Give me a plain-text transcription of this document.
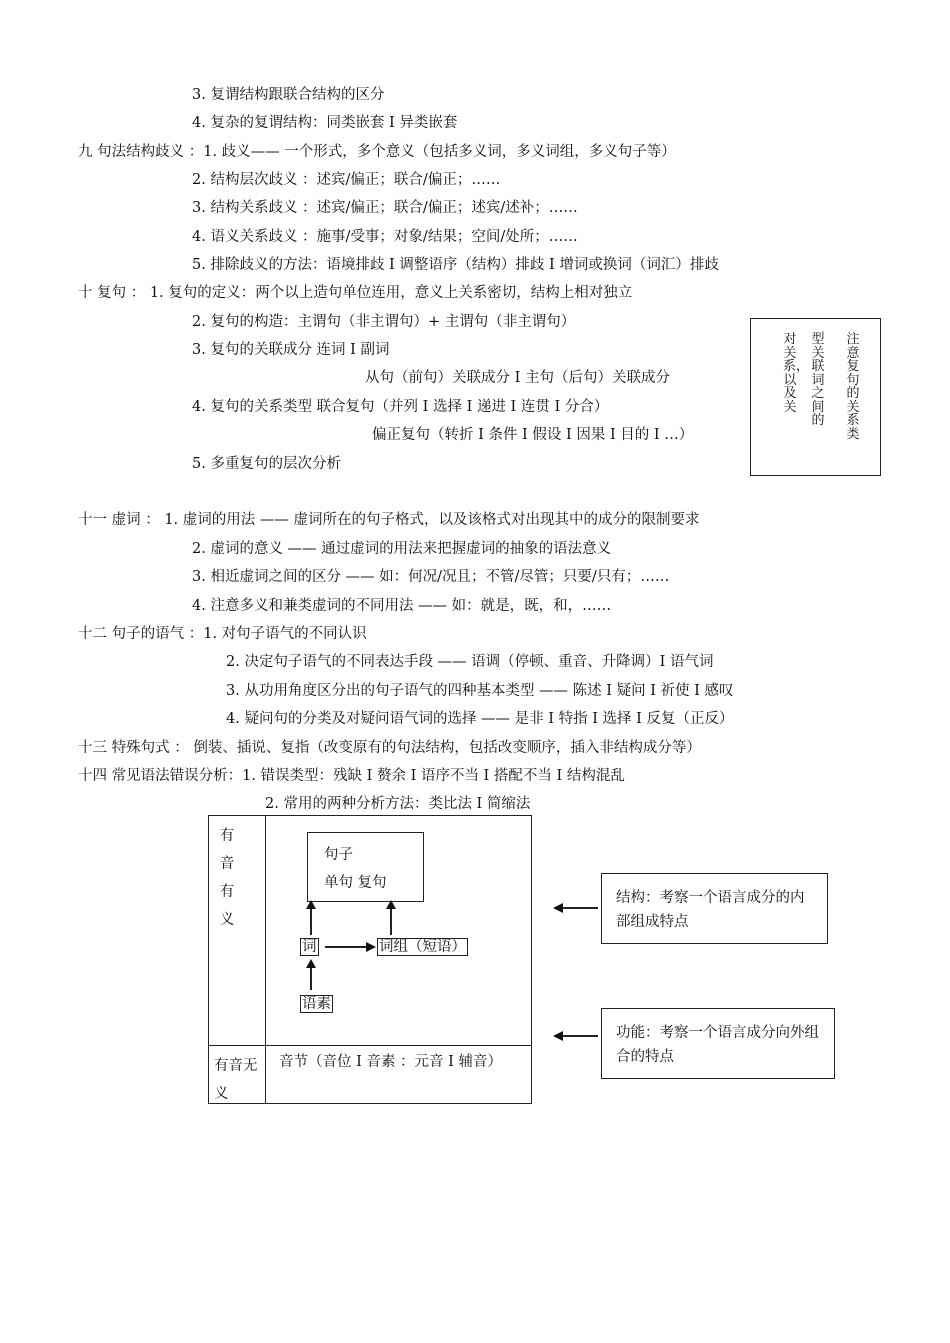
3. 复谓结构跟联合结构的区分
4. 复杂的复谓结构：同类嵌套 Ι 异类嵌套
九 句法结构歧义 ：1. 歧义—— 一个形式，多个意义（包括多义词，多义词组，多义句子等）
2. 结构层次歧义 ：述宾/偏正；联合/偏正；……
3. 结构关系歧义 ：述宾/偏正；联合/偏正；述宾/述补；……
4. 语义关系歧义 ：施事/受事；对象/结果；空间/处所；……
5. 排除歧义的方法：语境排歧 Ι 调整语序（结构）排歧 Ι 增词或换词（词汇）排歧
十 复句 ： 1. 复句的定义：两个以上造句单位连用，意义上关系密切，结构上相对独立
2. 复句的构造：主谓句（非主谓句）+ 主谓句（非主谓句）
3. 复句的关联成分 连词 Ι 副词
从句（前句）关联成分 Ι 主句（后句）关联成分
4. 复句的关系类型 联合复句（并列 Ι 选择 Ι 递进 Ι 连贯 Ι 分合）
偏正复句（转折 Ι 条件 Ι 假设 Ι 因果 Ι 目的 Ι …）
5. 多重复句的层次分析
十一 虚词 ： 1. 虚词的用法 —— 虚词所在的句子格式，以及该格式对出现其中的成分的限制要求
2. 虚词的意义 —— 通过虚词的用法来把握虚词的抽象的语法意义
3. 相近虚词之间的区分 —— 如：何况/况且；不管/尽管；只要/只有；……
4. 注意多义和兼类虚词的不同用法 —— 如：就是，既，和，……
十二 句子的语气 ：1. 对句子语气的不同认识
2. 决定句子语气的不同表达手段 —— 语调（停顿、重音、升降调）Ι 语气词
3. 从功用角度区分出的句子语气的四种基本类型 —— 陈述 Ι 疑问 Ι 祈使 Ι 感叹
4. 疑问句的分类及对疑问语气词的选择 —— 是非 Ι 特指 Ι 选择 Ι 反复（正反）
十三 特殊句式 ： 倒装、插说、复指（改变原有的句法结构，包括改变顺序，插入非结构成分等）
十四 常见语法错误分析：1. 错误类型：残缺 Ι 赘余 Ι 语序不当 Ι 搭配不当 Ι 结构混乱
2. 常用的两种分析方法：类比法 Ι 简缩法
注意复句的关系类
型关联词之间的
对关系，以及关
有音有义
有音无义
音节（音位 Ι 音素 ：元音 Ι 辅音）
句子
单句 复句
词	词组（短语）
语素
结构：考察一个语言成分的内部组成特点
功能：考察一个语言成分向外组合的特点
